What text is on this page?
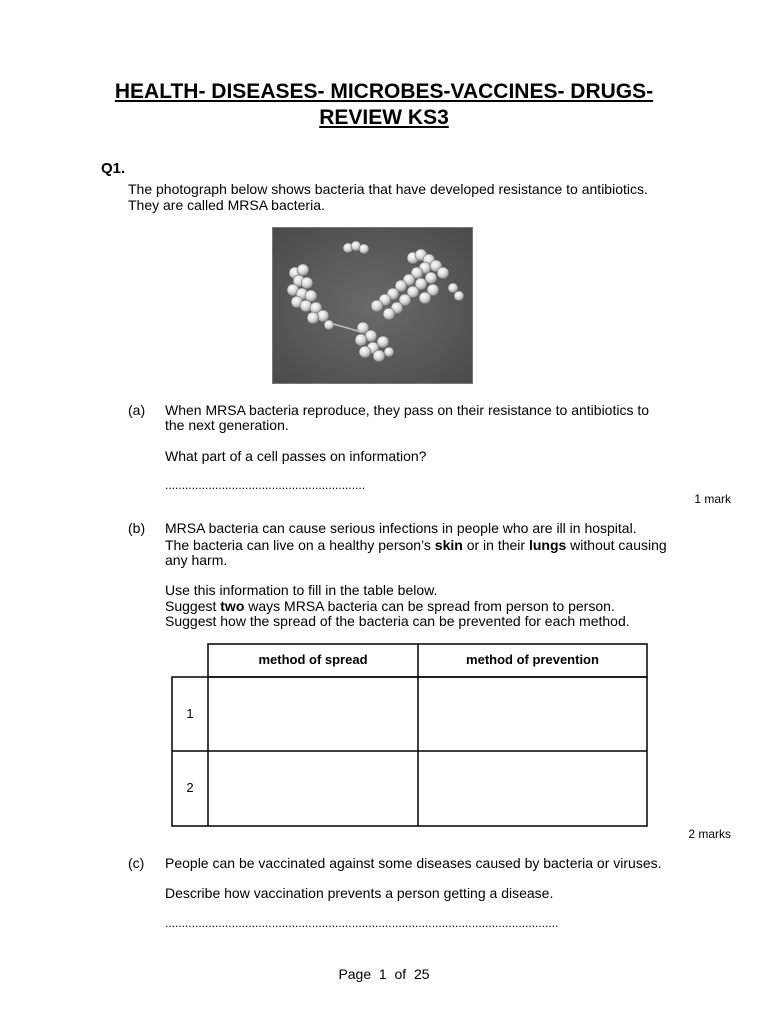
HEALTH- DISEASES- MICROBES-VACCINES- DRUGS-
REVIEW KS3
Q1.
The photograph below shows bacteria that have developed resistance to antibiotics.
They are called MRSA bacteria.
(a) When MRSA bacteria reproduce, they pass on their resistance to antibiotics to
the next generation.
What part of a cell passes on information?
............................................................
1 mark
(b) MRSA bacteria can cause serious infections in people who are ill in hospital.
The bacteria can live on a healthy person’s skin or in their lungs without causing
any harm.
Use this information to fill in the table below.
Suggest two ways MRSA bacteria can be spread from person to person.
Suggest how the spread of the bacteria can be prevented for each method.
method of spread	method of prevention
1
2
2 marks
(c) People can be vaccinated against some diseases caused by bacteria or viruses.
Describe how vaccination prevents a person getting a disease.
......................................................................................................................
Page 1 of 25
